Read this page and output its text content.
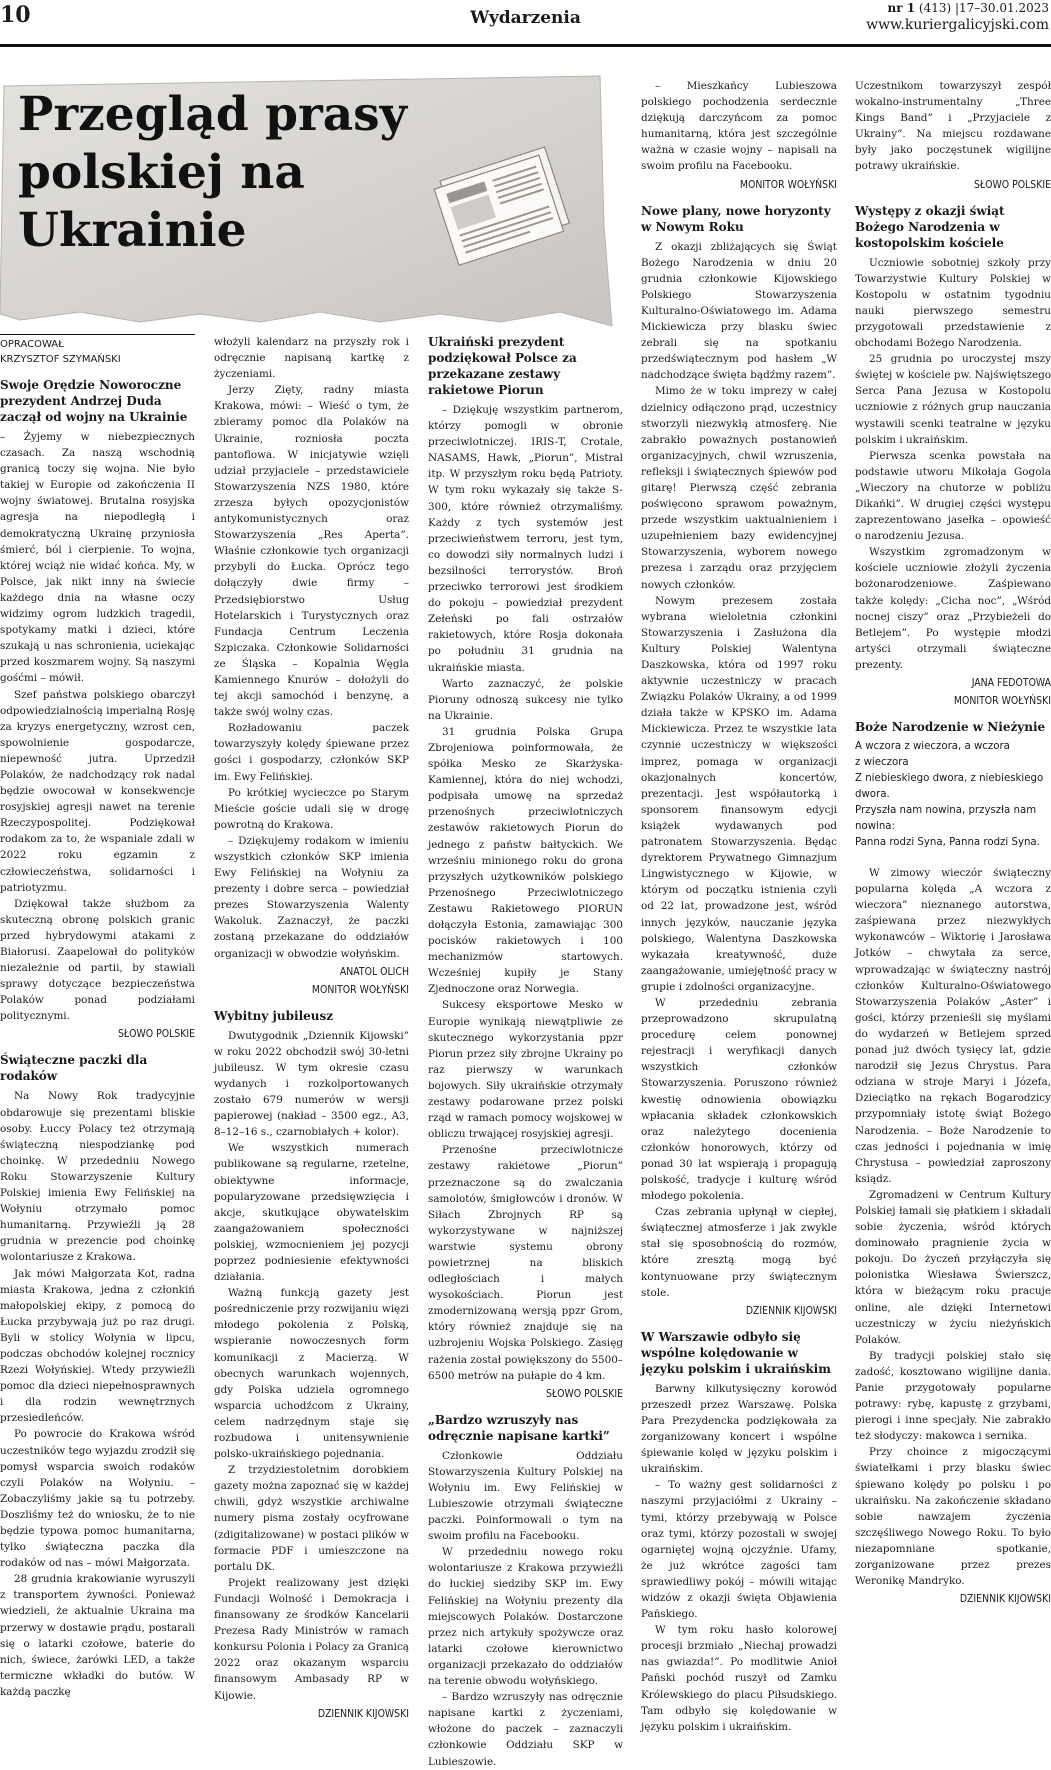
10	Wydarzenia	nr 1 (413) |17–30.01.2023
www.kuriergalicyjski.com
Przegląd prasy polskiej na Ukrainie
OPRACOWAŁ
KRZYSZTOF SZYMAŃSKI
Swoje Orędzie Noworoczne prezydent Andrzej Duda zaczął od wojny na Ukrainie

– Żyjemy w niebezpiecznych czasach. Za naszą wschodnią granicą toczy się wojna. Nie było takiej w Europie od zakończenia II wojny światowej. Brutalna rosyjska agresja na niepodległą i demokratyczną Ukrainę przyniosła śmierć, ból i cierpienie. To wojna, której wciąż nie widać końca. My, w Polsce, jak nikt inny na świecie każdego dnia na własne oczy widzimy ogrom ludzkich tragedii, spotykamy matki i dzieci, które szukają u nas schronienia, uciekając przed koszmarem wojny. Są naszymi gośćmi – mówił.

Szef państwa polskiego obarczył odpowiedzialnością imperialną Rosję za kryzys energetyczny, wzrost cen, spowolnienie gospodarcze, niepewność jutra. Uprzedził Polaków, że nadchodzący rok nadal będzie owocował w konsekwencje rosyjskiej agresji nawet na terenie Rzeczypospolitej. Podziękował rodakom za to, że wspaniale zdali w 2022 roku egzamin z człowieczeństwa, solidarności i patriotyzmu.

Dziękował także służbom za skuteczną obronę polskich granic przed hybrydowymi atakami z Białorusi. Zaapelował do polityków niezależnie od partii, by stawiali sprawy dotyczące bezpieczeństwa Polaków ponad podziałami politycznymi.

SŁOWO POLSKIE
Świąteczne paczki dla rodaków

Na Nowy Rok tradycyjnie obdarowuje się prezentami bliskie osoby. Łuccy Polacy też otrzymają świąteczną niespodziankę pod choinkę. W przededniu Nowego Roku Stowarzyszenie Kultury Polskiej imienia Ewy Felińskiej na Wołyniu otrzymało pomoc humanitarną. Przywieźli ją 28 grudnia w prezencie pod choinkę wolontariusze z Krakowa.

Jak mówi Małgorzata Kot, radna miasta Krakowa, jedna z członkiń małopolskiej ekipy, z pomocą do Łucka przybywają już po raz drugi. Byli w stolicy Wołynia w lipcu, podczas obchodów kolejnej rocznicy Rzezi Wołyńskiej. Wtedy przywieźli pomoc dla dzieci niepełnosprawnych i dla rodzin wewnętrznych przesiedleńców.

Po powrocie do Krakowa wśród uczestników tego wyjazdu zrodził się pomysł wsparcia swoich rodaków czyli Polaków na Wołyniu. – Zobaczyliśmy jakie są tu potrzeby. Doszliśmy też do wniosku, że to nie będzie typowa pomoc humanitarna, tylko świąteczna paczka dla rodaków od nas – mówi Małgorzata.

28 grudnia krakowianie wyruszyli z transportem żywności. Ponieważ wiedzieli, że aktualnie Ukraina ma przerwy w dostawie prądu, postarali się o latarki czołowe, baterie do nich, świece, żarówki LED, a także termiczne wkładki do butów. W każdą paczkę

włożyli kalendarz na przyszły rok i odręcznie napisaną kartkę z życzeniami.

Jerzy Zięty, radny miasta Krakowa, mówi: – Wieść o tym, że zbieramy pomoc dla Polaków na Ukrainie, rozniosła poczta pantoflowa. W inicjatywie wzięli udział przyjaciele – przedstawiciele Stowarzyszenia NZS 1980, które zrzesza byłych opozycjonistów antykomunistycznych oraz Stowarzyszenia „Res Aperta”. Właśnie członkowie tych organizacji przybyli do Łucka. Oprócz tego dołączyły dwie firmy – Przedsiębiorstwo Usług Hotelarskich i Turystycznych oraz Fundacja Centrum Leczenia Szpiczaka. Członkowie Solidarności ze Śląska – Kopalnia Węgla Kamiennego Knurów – dołożyli do tej akcji samochód i benzynę, a także swój wolny czas.

Rozładowaniu paczek towarzyszyły kolędy śpiewane przez gości i gospodarzy, członków SKP im. Ewy Felińskiej.

Po krótkiej wycieczce po Starym Mieście goście udali się w drogę powrotną do Krakowa.

– Dziękujemy rodakom w imieniu wszystkich członków SKP imienia Ewy Felińskiej na Wołyniu za prezenty i dobre serca – powiedział prezes Stowarzyszenia Walenty Wakoluk. Zaznaczył, że paczki zostaną przekazane do oddziałów organizacji w obwodzie wołyńskim.

ANATOL OLICH
MONITOR WOŁYŃSKI
Wybitny jubileusz

Dwutygodnik „Dziennik Kijowski” w roku 2022 obchodził swój 30-letni jubileusz. W tym okresie czasu wydanych i rozkolportowanych zostało 679 numerów w wersji papierowej (nakład – 3500 egz., A3, 8–12–16 s., czarnobiałych + kolor).

We wszystkich numerach publikowane są regularne, rzetelne, obiektywne informacje, popularyzowane przedsięwzięcia i akcje, skutkujące obywatelskim zaangażowaniem społeczności polskiej, wzmocnieniem jej pozycji poprzez podniesienie efektywności działania.

Ważną funkcją gazety jest pośredniczenie przy rozwijaniu więzi młodego pokolenia z Polską, wspieranie nowoczesnych form komunikacji z Macierzą. W obecnych warunkach wojennych, gdy Polska udziela ogromnego wsparcia uchodźcom z Ukrainy, celem nadrzędnym staje się rozbudowa i unitensywnienie polsko-ukraińskiego pojednania.

Z trzydziestoletnim dorobkiem gazety można zapoznać się w każdej chwili, gdyż wszystkie archiwalne numery pisma zostały ocyfrowane (zdigitalizowane) w postaci plików w formacie PDF i umieszczone na portalu DK.

Projekt realizowany jest dzięki Fundacji Wolność i Demokracja i finansowany ze środków Kancelarii Prezesa Rady Ministrów w ramach konkursu Polonia i Polacy za Granicą 2022 oraz okazanym wsparciu finansowym Ambasady RP w Kijowie.

DZIENNIK KIJOWSKI
Ukraiński prezydent podziękował Polsce za przekazane zestawy rakietowe Piorun

– Dziękuję wszystkim partnerom, którzy pomogli w obronie przeciwlotniczej. IRIS-T, Crotale, NASAMS, Hawk, „Piorun”, Mistral itp. W przyszłym roku będą Patrioty. W tym roku wykazały się także S-300, które również otrzymaliśmy. Każdy z tych systemów jest przeciwieństwem terroru, jest tym, co dowodzi siły normalnych ludzi i bezsilności terrorystów. Broń przeciwko terrorowi jest środkiem do pokoju – powiedział prezydent Zełeński po fali ostrzałów rakietowych, które Rosja dokonała po południu 31 grudnia na ukraińskie miasta.

Warto zaznaczyć, że polskie Pioruny odnoszą sukcesy nie tylko na Ukrainie.

31 grudnia Polska Grupa Zbrojeniowa poinformowała, że spółka Mesko ze Skarżyska-Kamiennej, która do niej wchodzi, podpisała umowę na sprzedaż przenośnych przeciwlotniczych zestawów rakietowych Piorun do jednego z państw bałtyckich. We wrześniu minionego roku do grona przyszłych użytkowników polskiego Przenośnego Przeciwlotniczego Zestawu Rakietowego PIORUN dołączyła Estonia, zamawiając 300 pocisków rakietowych i 100 mechanizmów startowych. Wcześniej kupiły je Stany Zjednoczone oraz Norwegia.

Sukcesy eksportowe Mesko w Europie wynikają niewątpliwie ze skutecznego wykorzystania ppzr Piorun przez siły zbrojne Ukrainy po raz pierwszy w warunkach bojowych. Siły ukraińskie otrzymały zestawy podarowane przez polski rząd w ramach pomocy wojskowej w obliczu trwającej rosyjskiej agresji.

Przenośne przeciwlotnicze zestawy rakietowe „Piorun” przeznaczone są do zwalczania samolotów, śmigłowców i dronów. W Siłach Zbrojnych RP są wykorzystywane w najniższej warstwie systemu obrony powietrznej na bliskich odległościach i małych wysokościach. Piorun jest zmodernizowaną wersją ppzr Grom, który również znajduje się na uzbrojeniu Wojska Polskiego. Zasięg rażenia został powiększony do 5500–6500 metrów na pułapie do 4 km.

SŁOWO POLSKIE
„Bardzo wzruszyły nas odręcznie napisane kartki”

Członkowie Oddziału Stowarzyszenia Kultury Polskiej na Wołyniu im. Ewy Felińskiej w Lubieszowie otrzymali świąteczne paczki. Poinformowali o tym na swoim profilu na Facebooku.

W przededniu nowego roku wolontariusze z Krakowa przywieźli do łuckiej siedziby SKP im. Ewy Felińskiej na Wołyniu prezenty dla miejscowych Polaków. Dostarczone przez nich artykuły spożywcze oraz latarki czołowe kierownictwo organizacji przekazało do oddziałów na terenie obwodu wołyńskiego.

– Bardzo wzruszyły nas odręcznie napisane kartki z życzeniami, włożone do paczek – zaznaczyli członkowie Oddziału SKP w Lubieszowie.

– Mieszkańcy Lubieszowa polskiego pochodzenia serdecznie dziękują darczyńcom za pomoc humanitarną, która jest szczególnie ważna w czasie wojny – napisali na swoim profilu na Facebooku.

MONITOR WOŁYŃSKI
Nowe plany, nowe horyzonty w Nowym Roku

Z okazji zbliżających się Świąt Bożego Narodzenia w dniu 20 grudnia członkowie Kijowskiego Polskiego Stowarzyszenia Kulturalno-Oświatowego im. Adama Mickiewicza przy blasku świec zebrali się na spotkaniu przedświątecznym pod hasłem „W nadchodzące święta bądźmy razem”.

Mimo że w toku imprezy w całej dzielnicy odłączono prąd, uczestnicy stworzyli niezwykłą atmosferę. Nie zabrakło poważnych postanowień organizacyjnych, chwil wzruszenia, refleksji i świątecznych śpiewów pod gitarę! Pierwszą część zebrania poświęcono sprawom poważnym, przede wszystkim uaktualnieniem i uzupełnieniem bazy ewidencyjnej Stowarzyszenia, wyborem nowego prezesa i zarządu oraz przyjęciem nowych członków.

Nowym prezesem została wybrana wieloletnia członkini Stowarzyszenia i Zasłużona dla Kultury Polskiej Walentyna Daszkowska, która od 1997 roku aktywnie uczestniczy w pracach Związku Polaków Ukrainy, a od 1999 działa także w KPSKO im. Adama Mickiewicza. Przez te wszystkie lata czynnie uczestniczy w większości imprez, pomaga w organizacji okazjonalnych koncertów, prezentacji. Jest współautorką i sponsorem finansowym edycji książek wydawanych pod patronatem Stowarzyszenia. Będąc dyrektorem Prywatnego Gimnazjum Lingwistycznego w Kijowie, w którym od początku istnienia czyli od 22 lat, prowadzone jest, wśród innych języków, nauczanie języka polskiego, Walentyna Daszkowska wykazała kreatywność, duże zaangażowanie, umiejętność pracy w grupie i zdolności organizacyjne.

W przededniu zebrania przeprowadzono skrupulatną procedurę celem ponownej rejestracji i weryfikacji danych wszystkich członków Stowarzyszenia. Poruszono również kwestię odnowienia obowiązku wpłacania składek członkowskich oraz należytego docenienia członków honorowych, którzy od ponad 30 lat wspierają i propagują polskość, tradycje i kulturę wśród młodego pokolenia.

Czas zebrania upłynął w ciepłej, świątecznej atmosferze i jak zwykle stał się sposobnością do rozmów, które zresztą mogą być kontynuowane przy świątecznym stole.

DZIENNIK KIJOWSKI
W Warszawie odbyło się wspólne kolędowanie w języku polskim i ukraińskim

Barwny kilkutysięczny korowód przeszedł przez Warszawę. Polska Para Prezydencka podziękowała za zorganizowany koncert i wspólne śpiewanie kolęd w języku polskim i ukraińskim.

– To ważny gest solidarności z naszymi przyjaciółmi z Ukrainy – tymi, którzy przebywają w Polsce oraz tymi, którzy pozostali w swojej ogarniętej wojną ojczyźnie. Ufamy, że już wkrótce zagości tam sprawiedliwy pokój – mówili witając widzów z okazji święta Objawienia Pańskiego.

W tym roku hasło kolorowej procesji brzmiało „Niechaj prowadzi nas gwiazda!”. Po modlitwie Anioł Pański pochód ruszył od Zamku Królewskiego do placu Piłsudskiego. Tam odbyło się kolędowanie w języku polskim i ukraińskim.

Uczestnikom towarzyszył zespół wokalno-instrumentalny „Three Kings Band” i „Przyjaciele z Ukrainy”. Na miejscu rozdawane były jako poczęstunek wigilijne potrawy ukraińskie.

SŁOWO POLSKIE
Występy z okazji świąt Bożego Narodzenia w kostopolskim kościele

Uczniowie sobotniej szkoły przy Towarzystwie Kultury Polskiej w Kostopolu w ostatnim tygodniu nauki pierwszego semestru przygotowali przedstawienie z obchodami Bożego Narodzenia.

25 grudnia po uroczystej mszy świętej w kościele pw. Najświętszego Serca Pana Jezusa w Kostopolu uczniowie z różnych grup nauczania wystawili scenki teatralne w języku polskim i ukraińskim.

Pierwsza scenka powstała na podstawie utworu Mikołaja Gogola „Wieczory na chutorze w pobliżu Dikańki”. W drugiej części występu zaprezentowano jasełka – opowieść o narodzeniu Jezusa.

Wszystkim zgromadzonym w kościele uczniowie złożyli życzenia bożonarodzeniowe. Zaśpiewano także kolędy: „Cicha noc”, „Wśród nocnej ciszy” oraz „Przybieżeli do Betlejem”. Po występie młodzi artyści otrzymali świąteczne prezenty.

JANA FEDOTOWA
MONITOR WOŁYŃSKI
Boże Narodzenie w Nieżynie

A wczora z wieczora, a wczora

z wieczora

Z niebieskiego dwora, z niebieskiego

dwora.

Przyszła nam nowina, przyszła nam

nowina:

Panna rodzi Syna, Panna rodzi Syna.

W zimowy wieczór świąteczny popularna kolęda „A wczora z wieczora” nieznanego autorstwa, zaśpiewana przez niezwykłych wykonawców – Wiktorię i Jarosława Jotków – chwytała za serce, wprowadzając w świąteczny nastrój członków Kulturalno-Oświatowego Stowarzyszenia Polaków „Aster” i gości, którzy przenieśli się myślami do wydarzeń w Betlejem sprzed ponad już dwóch tysięcy lat, gdzie narodził się Jezus Chrystus. Para odziana w stroje Maryi i Józefa, Dzieciątko na rękach Bogarodzicy przypomniały istotę świąt Bożego Narodzenia. – Boże Narodzenie to czas jedności i pojednania w imię Chrystusa – powiedział zaproszony ksiądz.

Zgromadzeni w Centrum Kultury Polskiej łamali się płatkiem i składali sobie życzenia, wśród których dominowało pragnienie życia w pokoju. Do życzeń przyłączyła się polonistka Wiesława Świerszcz, która w bieżącym roku pracuje online, ale dzięki Internetowi uczestniczy w życiu nieżyńskich Polaków.

By tradycji polskiej stało się zadość, kosztowano wigilijne dania. Panie przygotowały popularne potrawy: rybę, kapustę z grzybami, pierogi i inne specjały. Nie zabrakło też słodyczy: makowca i sernika.

Przy choince z migoczącymi światełkami i przy blasku świec śpiewano kolędy po polsku i po ukraińsku. Na zakończenie składano sobie nawzajem życzenia szczęśliwego Nowego Roku. To było niezapomniane spotkanie, zorganizowane przez prezes Weronikę Mandryko.

DZIENNIK KIJOWSKI
